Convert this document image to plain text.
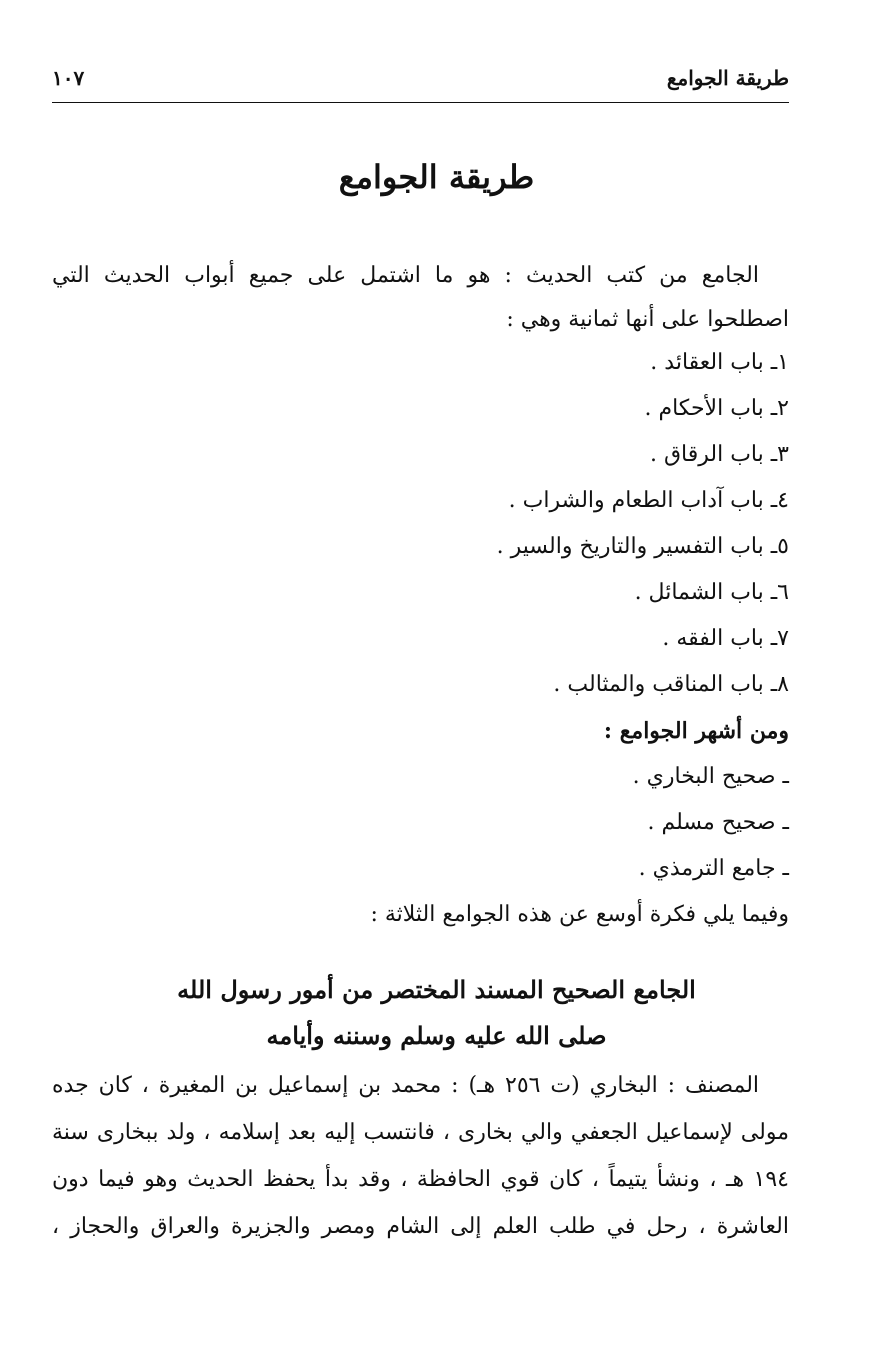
طريقة الجوامع
١٠٧
طريقة الجوامع

الجامع من كتب الحديث : هو ما اشتمل على جميع أبواب الحديث التي اصطلحوا على أنها ثمانية وهي :

١ـ باب العقائد .
٢ـ باب الأحكام .
٣ـ باب الرقاق .
٤ـ باب آداب الطعام والشراب .
٥ـ باب التفسير والتاريخ والسير .
٦ـ باب الشمائل .
٧ـ باب الفقه .
٨ـ باب المناقب والمثالب .
ومن أشهر الجوامع :
ـ صحيح البخاري .
ـ صحيح مسلم .
ـ جامع الترمذي .
وفيما يلي فكرة أوسع عن هذه الجوامع الثلاثة :
الجامع الصحيح المسند المختصر من أمور رسول الله
صلى الله عليه وسلم وسننه وأيامه

المصنف : البخاري (ت ٢٥٦ هـ) : محمد بن إسماعيل بن المغيرة ، كان جده مولى لإسماعيل الجعفي والي بخارى ، فانتسب إليه بعد إسلامه ، ولد ببخارى سنة ١٩٤ هـ ، ونشأ يتيماً ، كان قوي الحافظة ، وقد بدأ يحفظ الحديث وهو فيما دون العاشرة ، رحل في طلب العلم إلى الشام ومصر والجزيرة والعراق والحجاز ،
